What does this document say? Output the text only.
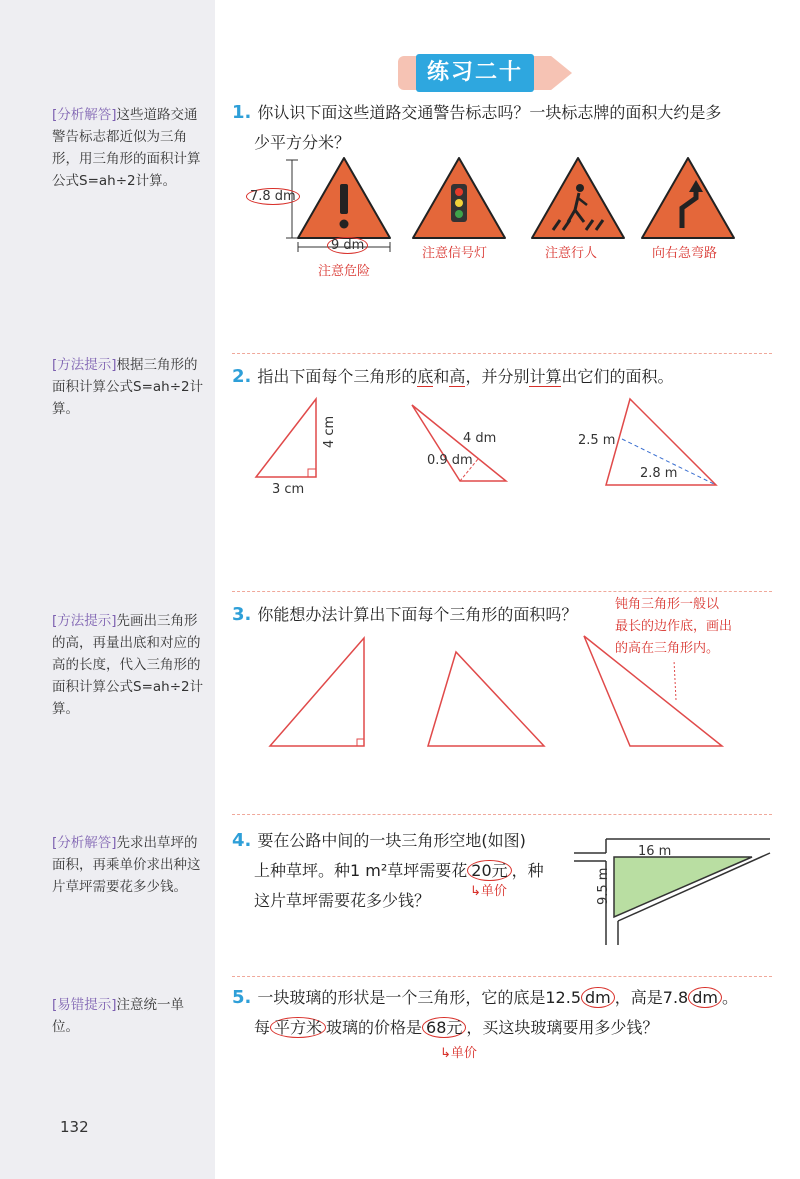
[分析解答]这些道路交通警告标志都近似为三角形，用三角形的面积计算公式S=ah÷2计算。
[方法提示]根据三角形的面积计算公式S=ah÷2计算。
[方法提示]先画出三角形的高，再量出底和对应的高的长度，代入三角形的面积计算公式S=ah÷2计算。
[分析解答]先求出草坪的面积，再乘单价求出种这片草坪需要花多少钱。
[易错提示]注意统一单位。
练习二十
1. 你认识下面这些道路交通警告标志吗？一块标志牌的面积大约是多
少平方分米？
7.8 dm
9 dm
注意危险
注意信号灯	注意行人	向右急弯路
2. 指出下面每个三角形的底和高，并分别计算出它们的面积。
3 cm
4 cm	4 dm
0.9 dm
2.5 m
2.8 m
3. 你能想办法计算出下面每个三角形的面积吗？
钝角三角形一般以
最长的边作底，画出
的高在三角形内。
4. 要在公路中间的一块三角形空地(如图)
上种草坪。种1 m²草坪需要花 20元 ，种
这片草坪需要花多少钱？	↳单价
16 m
9.5 m
5. 一块玻璃的形状是一个三角形，它的底是12.5 dm ，高是7.8 dm 。
每 平方米 玻璃的价格是 68元 ，买这块玻璃要用多少钱？
↳单价
132
